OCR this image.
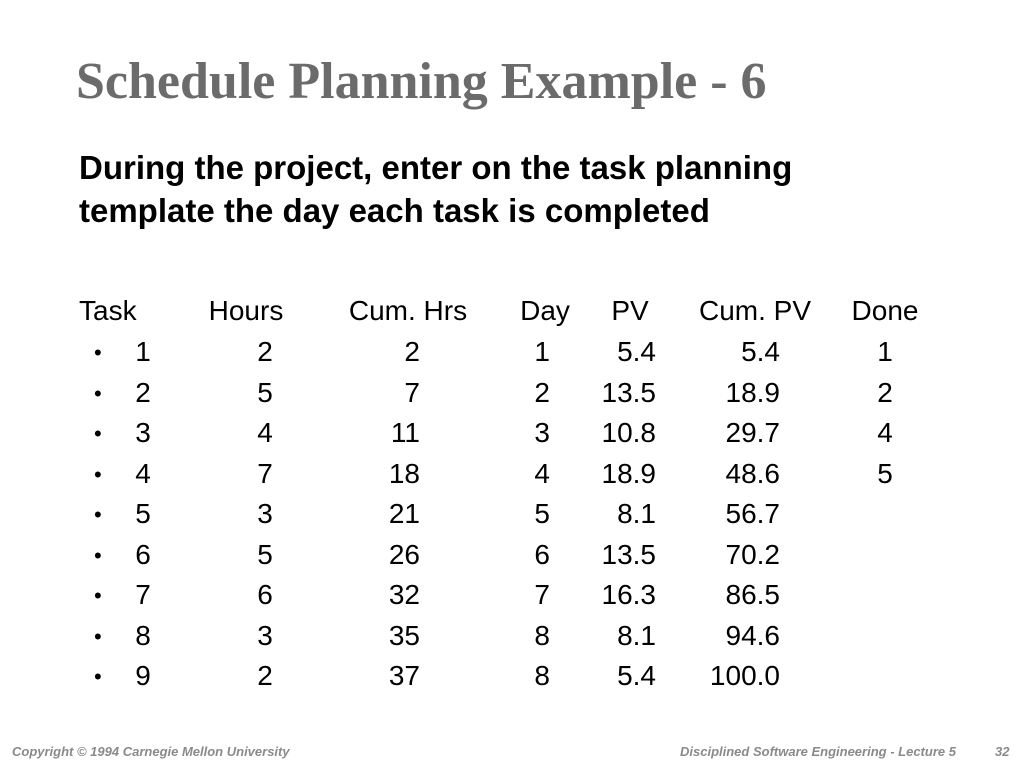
Schedule Planning Example - 6
During the project, enter on the task planning
template the day each task is completed
Task	Hours	Cum. Hrs	Day	PV	Cum. PV	Done
• 1	2	2	1	5.4	5.4	1
• 2	5	7	2	13.5	18.9	2
• 3	4	11	3	10.8	29.7	4
• 4	7	18	4	18.9	48.6	5
• 5	3	21	5	8.1	56.7
• 6	5	26	6	13.5	70.2
• 7	6	32	7	16.3	86.5
• 8	3	35	8	8.1	94.6
• 9	2	37	8	5.4	100.0
Copyright © 1994 Carnegie Mellon University	Disciplined Software Engineering - Lecture 5	32
